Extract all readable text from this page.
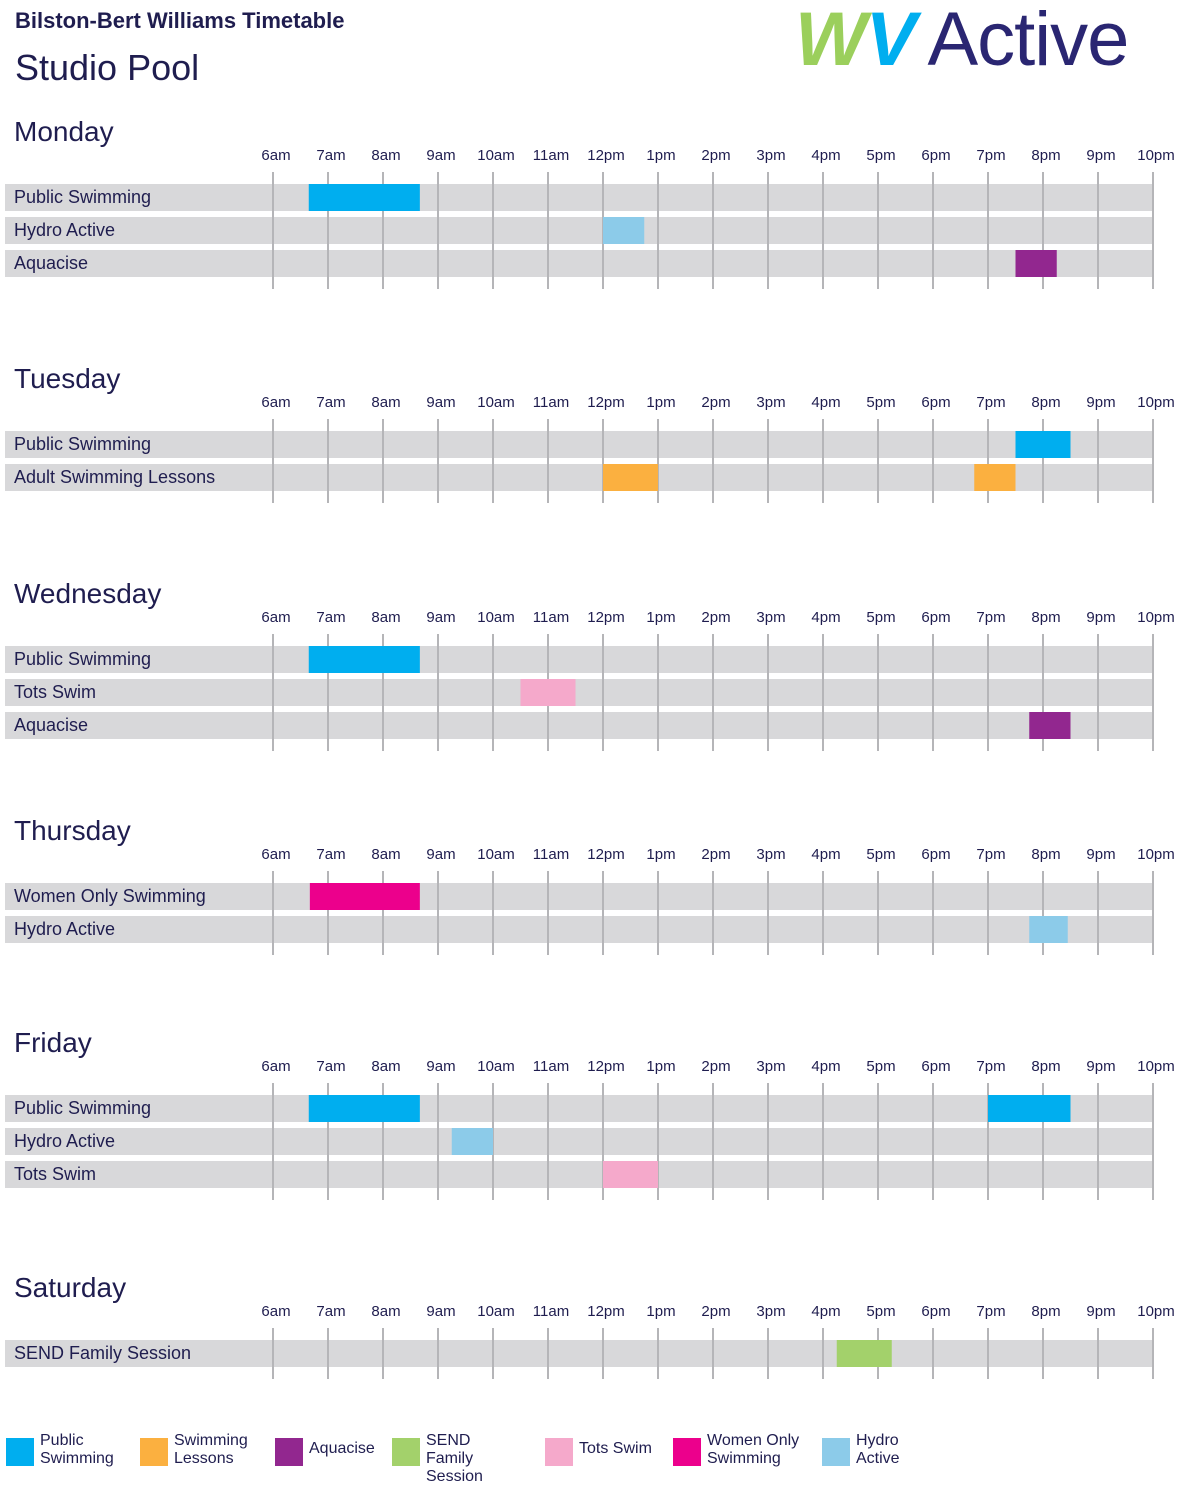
Bilston-Bert Williams Timetable
Studio Pool	WV Active
Monday
6am 7am 8am 9am 10am 11am 12pm 1pm 2pm 3pm 4pm 5pm 6pm 7pm 8pm 9pm 10pm
Public Swimming
Hydro Active
Aquacise
Tuesday
6am 7am 8am 9am 10am 11am 12pm 1pm 2pm 3pm 4pm 5pm 6pm 7pm 8pm 9pm 10pm
Public Swimming
Adult Swimming Lessons
Wednesday
6am 7am 8am 9am 10am 11am 12pm 1pm 2pm 3pm 4pm 5pm 6pm 7pm 8pm 9pm 10pm
Public Swimming
Tots Swim
Aquacise
Thursday
6am 7am 8am 9am 10am 11am 12pm 1pm 2pm 3pm 4pm 5pm 6pm 7pm 8pm 9pm 10pm
Women Only Swimming
Hydro Active
Friday
6am 7am 8am 9am 10am 11am 12pm 1pm 2pm 3pm 4pm 5pm 6pm 7pm 8pm 9pm 10pm
Public Swimming
Hydro Active
Tots Swim
Saturday
6am 7am 8am 9am 10am 11am 12pm 1pm 2pm 3pm 4pm 5pm 6pm 7pm 8pm 9pm 10pm
SEND Family Session
Public
Swimming
Swimming
Lessons
Aquacise	SEND
Family Session
Tots Swim	Women Only
Swimming
Hydro
Active
